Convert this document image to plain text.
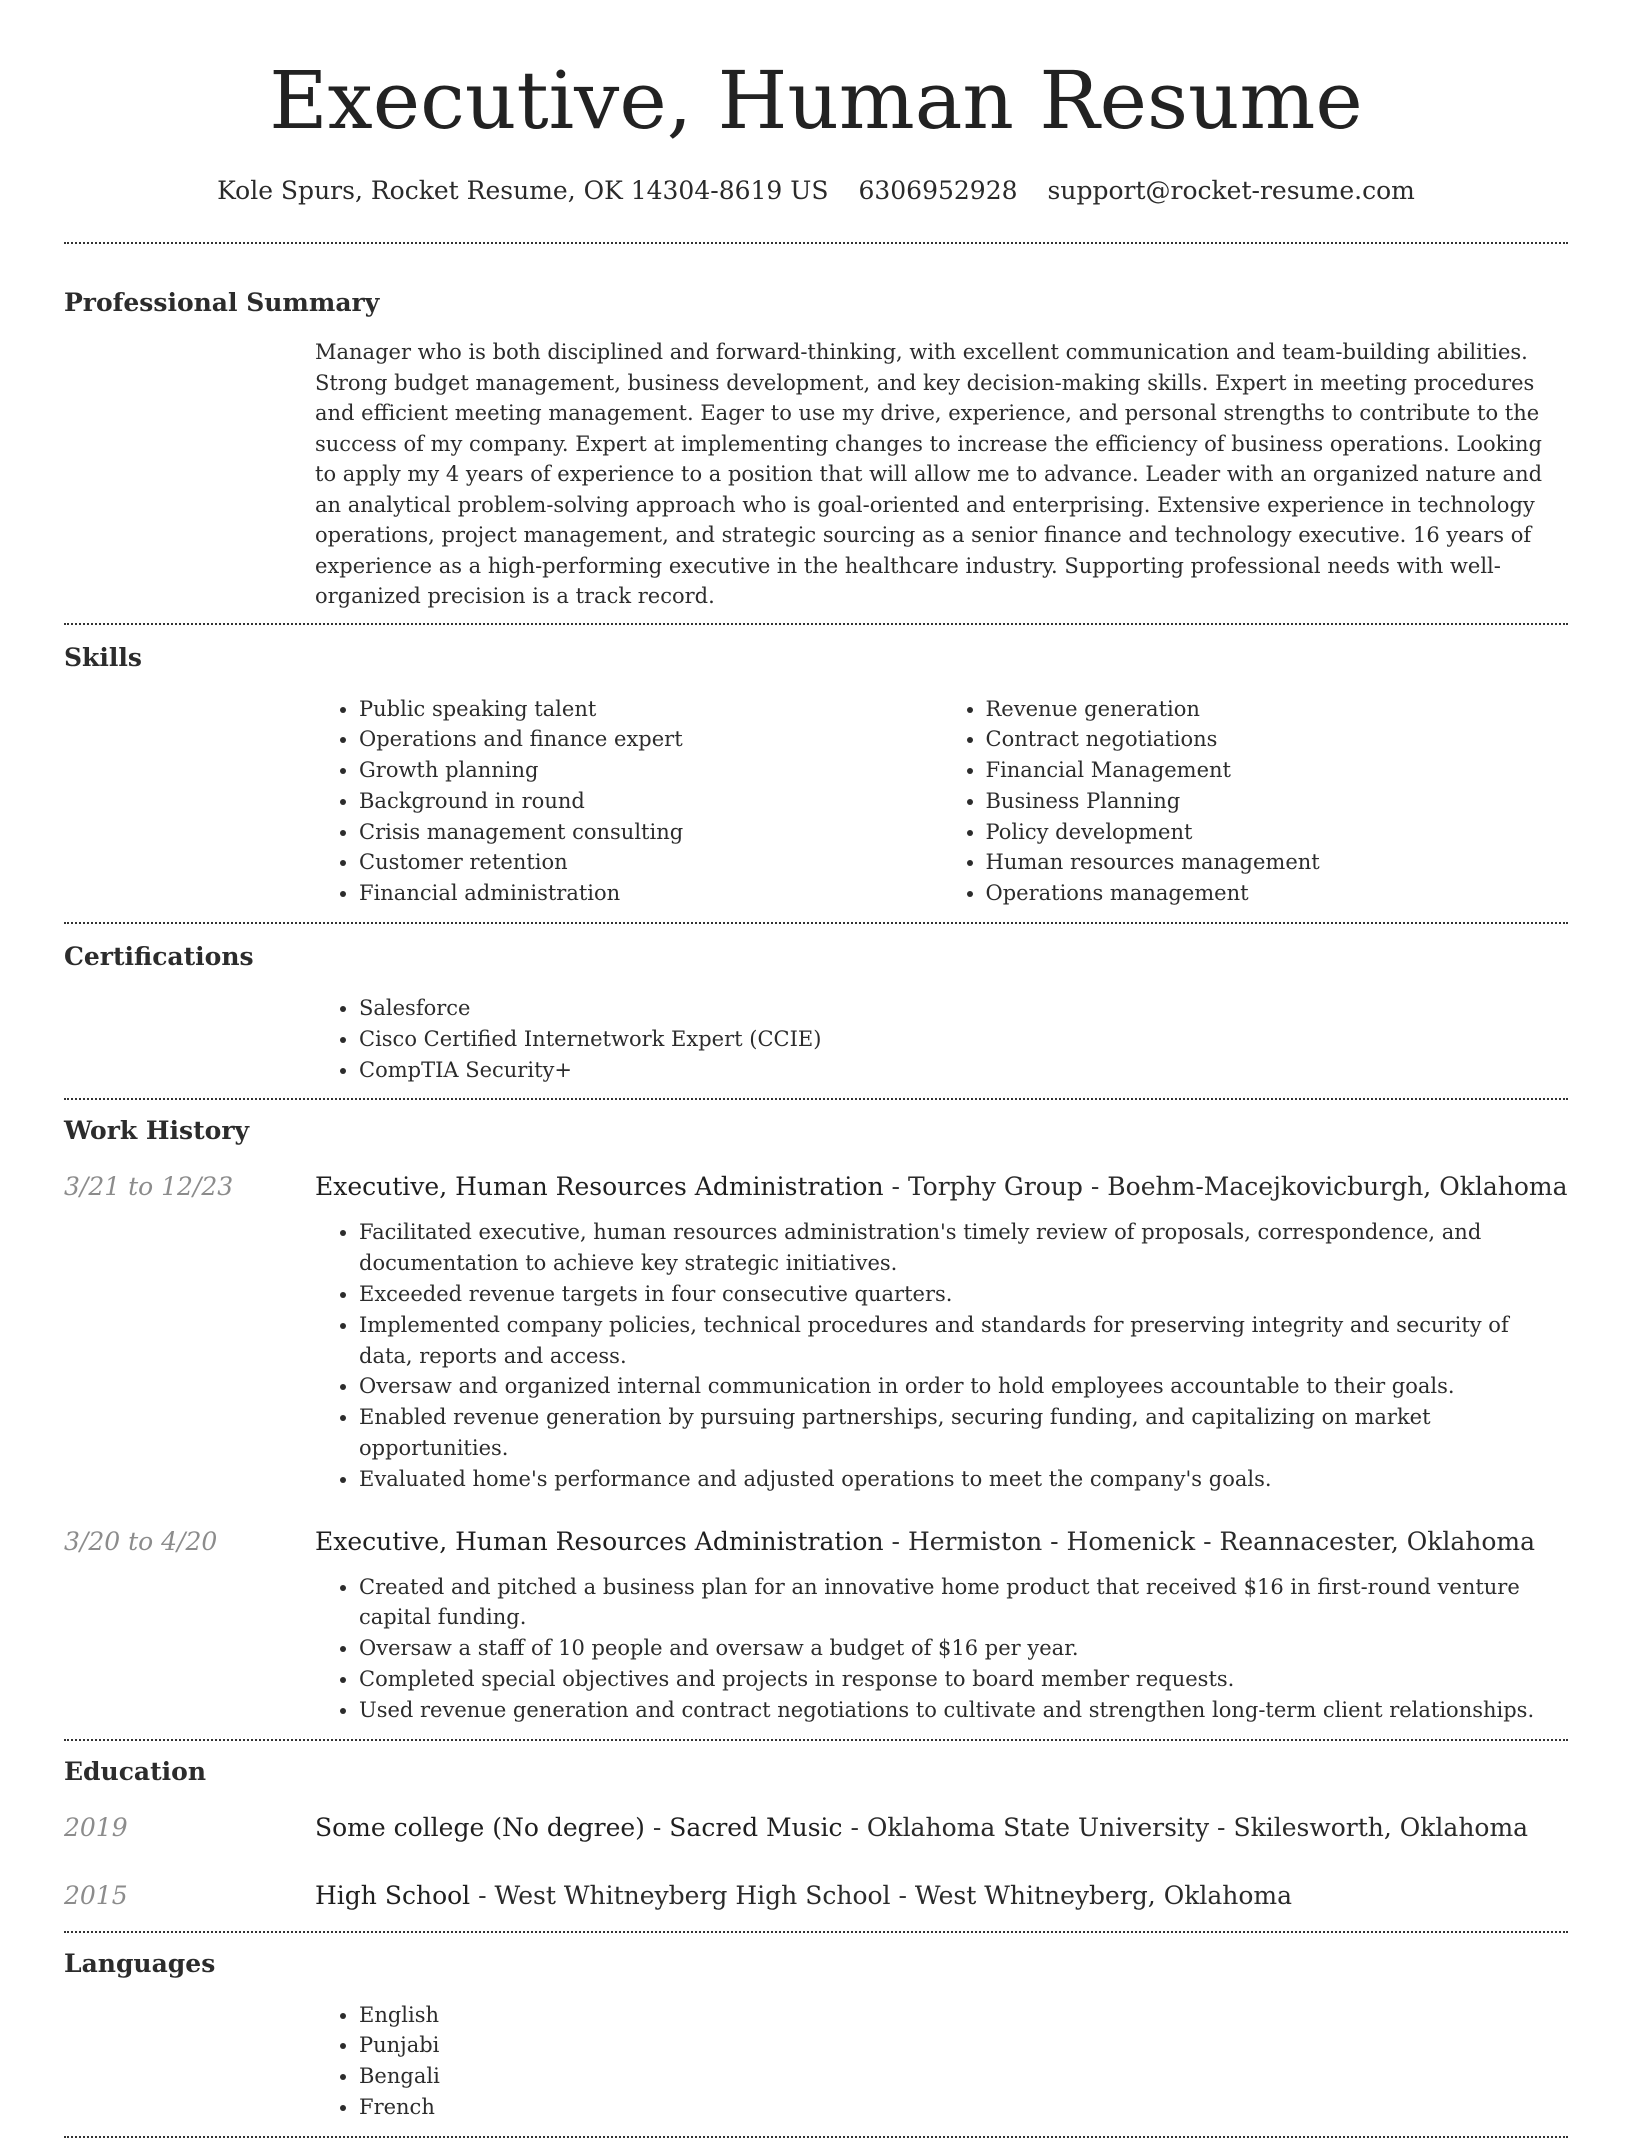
Executive, Human Resume
Kole Spurs, Rocket Resume, OK 14304-8619 US 6306952928 support@rocket-resume.com
Professional Summary

Manager who is both disciplined and forward-thinking, with excellent communication and team-building abilities. Strong budget management, business development, and key decision-making skills. Expert in meeting procedures and efficient meeting management. Eager to use my drive, experience, and personal strengths to contribute to the success of my company. Expert at implementing changes to increase the efficiency of business operations. Looking to apply my 4 years of experience to a position that will allow me to advance. Leader with an organized nature and an analytical problem-solving approach who is goal-oriented and enterprising. Extensive experience in technology operations, project management, and strategic sourcing as a senior finance and technology executive. 16 years of experience as a high-performing executive in the healthcare industry. Supporting professional needs with well-organized precision is a track record.

Skills
• Public speaking talent
• Operations and finance expert
• Growth planning
• Background in round
• Crisis management consulting
• Customer retention
• Financial administration
• Revenue generation
• Contract negotiations
• Financial Management
• Business Planning
• Policy development
• Human resources management
• Operations management
Certifications
• Salesforce
• Cisco Certified Internetwork Expert (CCIE)
• CompTIA Security+
Work History
3/21 to 12/23	Executive, Human Resources Administration - Torphy Group - Boehm-Macejkovicburgh, Oklahoma
• Facilitated executive, human resources administration's timely review of proposals, correspondence, and documentation to achieve key strategic initiatives.
• Exceeded revenue targets in four consecutive quarters.
• Implemented company policies, technical procedures and standards for preserving integrity and security of data, reports and access.
• Oversaw and organized internal communication in order to hold employees accountable to their goals.
• Enabled revenue generation by pursuing partnerships, securing funding, and capitalizing on market opportunities.
• Evaluated home's performance and adjusted operations to meet the company's goals.
3/20 to 4/20	Executive, Human Resources Administration - Hermiston - Homenick - Reannacester, Oklahoma
• Created and pitched a business plan for an innovative home product that received $16 in first-round venture capital funding.
• Oversaw a staff of 10 people and oversaw a budget of $16 per year.
• Completed special objectives and projects in response to board member requests.
• Used revenue generation and contract negotiations to cultivate and strengthen long-term client relationships.
Education
2019	Some college (No degree) - Sacred Music - Oklahoma State University - Skilesworth, Oklahoma
2015	High School - West Whitneyberg High School - West Whitneyberg, Oklahoma
Languages
• English
• Punjabi
• Bengali
• French
